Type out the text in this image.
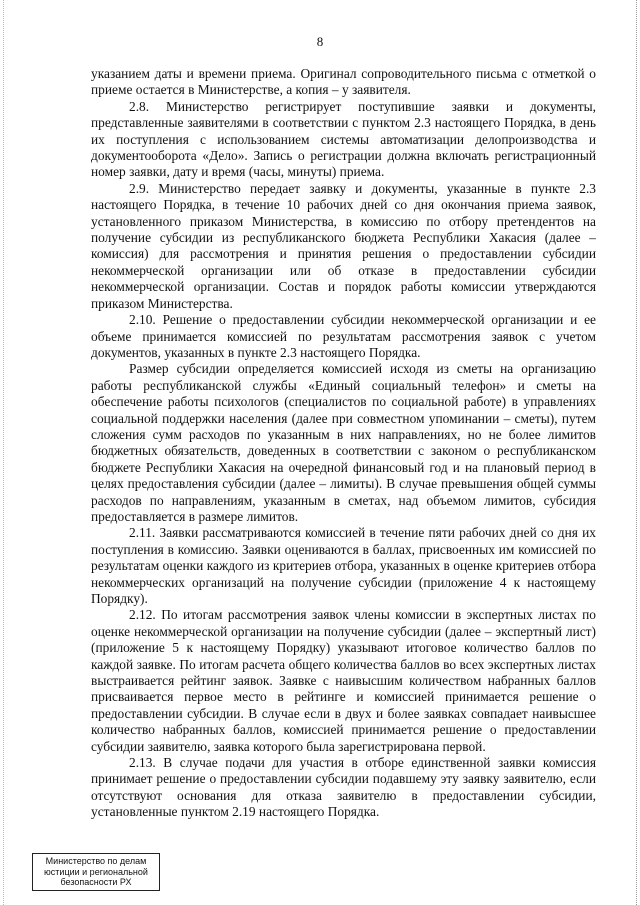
8

указанием даты и времени приема. Оригинал сопроводительного письма с отметкой о приеме остается в Министерстве, а копия – у заявителя.

2.8. Министерство регистрирует поступившие заявки и документы, представленные заявителями в соответствии с пунктом 2.3 настоящего Порядка, в день их поступления с использованием системы автоматизации делопроизводства и документооборота «Дело». Запись о регистрации должна включать регистрационный номер заявки, дату и время (часы, минуты) приема.

2.9. Министерство передает заявку и документы, указанные в пункте 2.3 настоящего Порядка, в течение 10 рабочих дней со дня окончания приема заявок, установленного приказом Министерства, в комиссию по отбору претендентов на получение субсидии из республиканского бюджета Республики Хакасия (далее – комиссия) для рассмотрения и принятия решения о предоставлении субсидии некоммерческой организации или об отказе в предоставлении субсидии некоммерческой организации. Состав и порядок работы комиссии утверждаются приказом Министерства.

2.10. Решение о предоставлении субсидии некоммерческой организации и ее объеме принимается комиссией по результатам рассмотрения заявок с учетом документов, указанных в пункте 2.3 настоящего Порядка.

Размер субсидии определяется комиссией исходя из сметы на организацию работы республиканской службы «Единый социальный телефон» и сметы на обеспечение работы психологов (специалистов по социальной работе) в управлениях социальной поддержки населения (далее при совместном упоминании – сметы), путем сложения сумм расходов по указанным в них направлениях, но не более лимитов бюджетных обязательств, доведенных в соответствии с законом о республиканском бюджете Республики Хакасия на очередной финансовый год и на плановый период в целях предоставления субсидии (далее – лимиты). В случае превышения общей суммы расходов по направлениям, указанным в сметах, над объемом лимитов, субсидия предоставляется в размере лимитов.

2.11. Заявки рассматриваются комиссией в течение пяти рабочих дней со дня их поступления в комиссию. Заявки оцениваются в баллах, присвоенных им комиссией по результатам оценки каждого из критериев отбора, указанных в оценке критериев отбора некоммерческих организаций на получение субсидии (приложение 4 к настоящему Порядку).

2.12. По итогам рассмотрения заявок члены комиссии в экспертных листах по оценке некоммерческой организации на получение субсидии (далее – экспертный лист) (приложение 5 к настоящему Порядку) указывают итоговое количество баллов по каждой заявке. По итогам расчета общего количества баллов во всех экспертных листах выстраивается рейтинг заявок. Заявке с наивысшим количеством набранных баллов присваивается первое место в рейтинге и комиссией принимается решение о предоставлении субсидии. В случае если в двух и более заявках совпадает наивысшее количество набранных баллов, комиссией принимается решение о предоставлении субсидии заявителю, заявка которого была зарегистрирована первой.

2.13. В случае подачи для участия в отборе единственной заявки комиссия принимает решение о предоставлении субсидии подавшему эту заявку заявителю, если отсутствуют основания для отказа заявителю в предоставлении субсидии, установленные пунктом 2.19 настоящего Порядка.

Министерство по делам
юстиции и региональной
безопасности РХ
